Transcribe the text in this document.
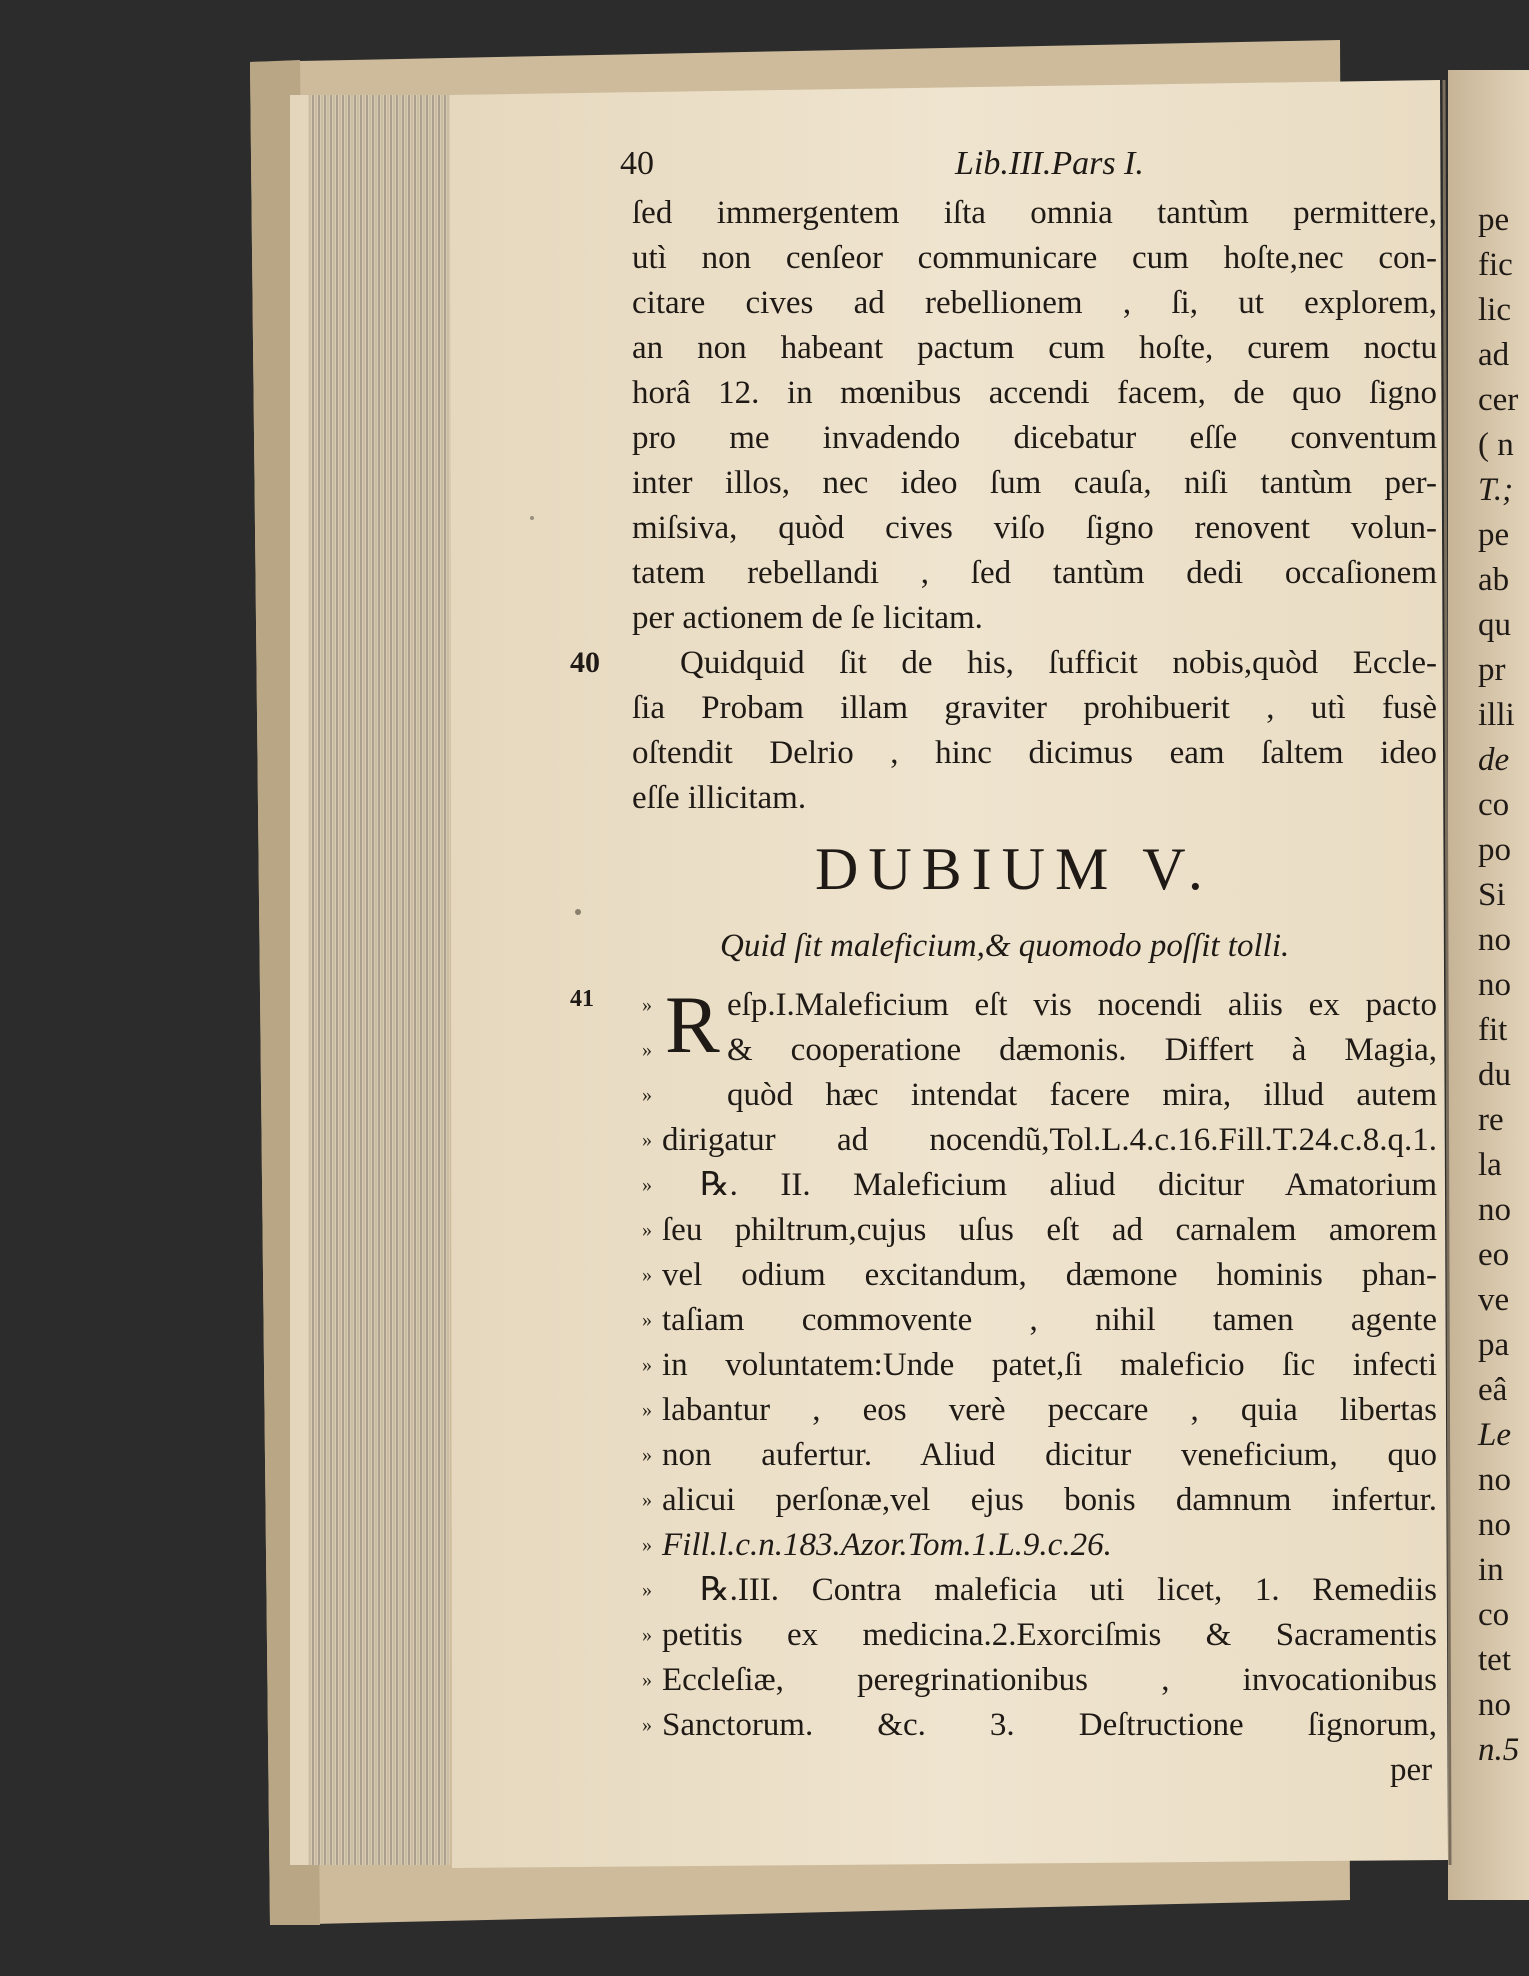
40	Lib.III.Pars I.
ſed immergentem iſta omnia tantùm permittere,
utì non cenſeor communicare cum hoſte,nec con-
citare cives ad rebellionem , ſi, ut explorem,
an non habeant pactum cum hoſte, curem noctu
horâ 12. in mœnibus accendi facem, de quo ſigno
pro me invadendo dicebatur eſſe conventum
inter illos, nec ideo ſum cauſa, niſi tantùm per-
miſsiva, quòd cives viſo ſigno renovent volun-
tatem rebellandi , ſed tantùm dedi occaſionem
per actionem de ſe licitam.
40 Quidquid ſit de his, ſufficit nobis,quòd Eccle-
ſia Probam illam graviter prohibuerit , utì fusè
oſtendit Delrio , hinc dicimus eam ſaltem ideo
eſſe illicitam.
DUBIUM V.
Quid ſit maleficium,& quomodo poſſit tolli.
41 »
»
»
»
»
»
»
»
»
»
»
»
»
»
»
»
»
R eſp.I.Maleficium eſt vis nocendi aliis ex pacto
& cooperatione dæmonis. Differt à Magia,
quòd hæc intendat facere mira, illud autem
dirigatur ad nocendũ,Tol.L.4.c.16.Fill.T.24.c.8.q.1.
℞. II. Maleficium aliud dicitur Amatorium
ſeu philtrum,cujus uſus eſt ad carnalem amorem
vel odium excitandum, dæmone hominis phan-
taſiam commovente , nihil tamen agente
in voluntatem:Unde patet,ſi maleficio ſic infecti
labantur , eos verè peccare , quia libertas
non aufertur. Aliud dicitur veneficium, quo
alicui perſonæ,vel ejus bonis damnum infertur.
Fill.l.c.n.183.Azor.Tom.1.L.9.c.26.
℞.III. Contra maleficia uti licet, 1. Remediis
petitis ex medicina.2.Exorciſmis & Sacramentis
Eccleſiæ, peregrinationibus , invocationibus
Sanctorum. &c. 3. Deſtructione ſignorum,
per
pe
fic
lic
ad
cer
( n
T.;
pe
ab
qu
pr
illi
de
co
po
Si
no
no
fit
du
re
la
no
eo
ve
pa
eâ
Le
no
no
in
co
tet
no
n.5
